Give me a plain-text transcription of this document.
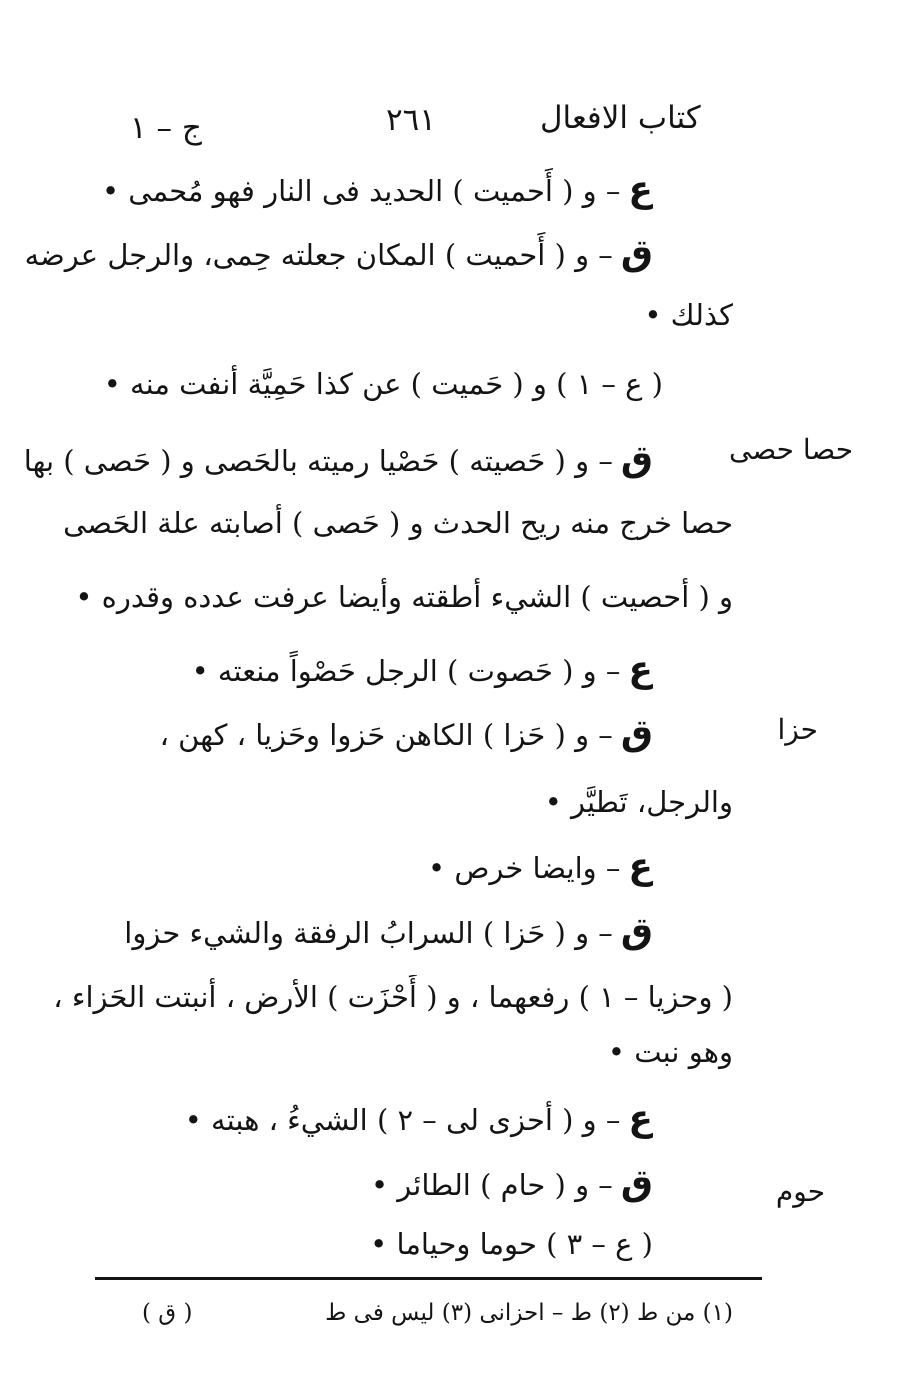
كتاب الافعال
٢٦١
ج – ١
ع– و ( أَحميت ) الحديد فى النار فهو مُحمى •
ق– و ( أَحميت ) المكان جعلته حِمى، والرجل عرضه
كذلك •
( ع – ١ ) و ( حَميت ) عن كذا حَمِيَّة أنفت منه •
ق– و ( حَصيته ) حَصْيا رميته بالحَصى و ( حَصى ) بها
حصا خرج منه ريح الحدث و ( حَصى ) أصابته علة الحَصى
و ( أحصيت ) الشيء أطقته وأيضا عرفت عدده وقدره •
ع– و ( حَصوت ) الرجل حَصْواً منعته •
ق– و ( حَزا ) الكاهن حَزوا وحَزيا ، كهن ،
والرجل، تَطيَّر •
ع– وايضا خرص •
ق– و ( حَزا ) السرابُ الرفقة والشيء حزوا
( وحزيا – ١ ) رفعهما ، و ( أَحْزَت ) الأرض ، أنبتت الحَزاء ،
وهو نبت •
ع– و ( أحزى لى – ٢ ) الشيءُ ، هبته •
ق– و ( حام ) الطائر •
( ع – ٣ ) حوما وحياما •
حصا حصى
حزا
حوم
(١) من ط (٢) ط – احزانى (٣) ليس فى ط
( ق )
